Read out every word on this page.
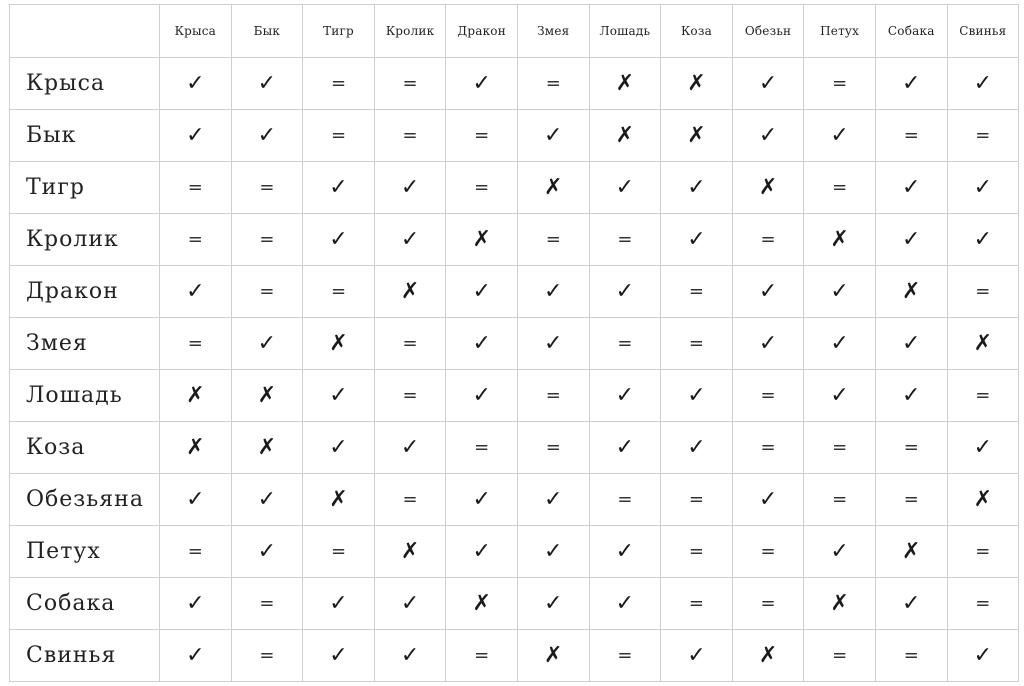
	Крыса	Бык	Тигр	Кролик	Дракон	Змея	Лошадь	Коза	Обезьн	Петух	Собака	Свинья
Крыса	✓	✓	=	=	✓	=	✗	✗	✓	=	✓	✓
Бык	✓	✓	=	=	=	✓	✗	✗	✓	✓	=	=
Тигр	=	=	✓	✓	=	✗	✓	✓	✗	=	✓	✓
Кролик	=	=	✓	✓	✗	=	=	✓	=	✗	✓	✓
Дракон	✓	=	=	✗	✓	✓	✓	=	✓	✓	✗	=
Змея	=	✓	✗	=	✓	✓	=	=	✓	✓	✓	✗
Лошадь	✗	✗	✓	=	✓	=	✓	✓	=	✓	✓	=
Коза	✗	✗	✓	✓	=	=	✓	✓	=	=	=	✓
Обезьяна	✓	✓	✗	=	✓	✓	=	=	✓	=	=	✗
Петух	=	✓	=	✗	✓	✓	✓	=	=	✓	✗	=
Собака	✓	=	✓	✓	✗	✓	✓	=	=	✗	✓	=
Свинья	✓	=	✓	✓	=	✗	=	✓	✗	=	=	✓
